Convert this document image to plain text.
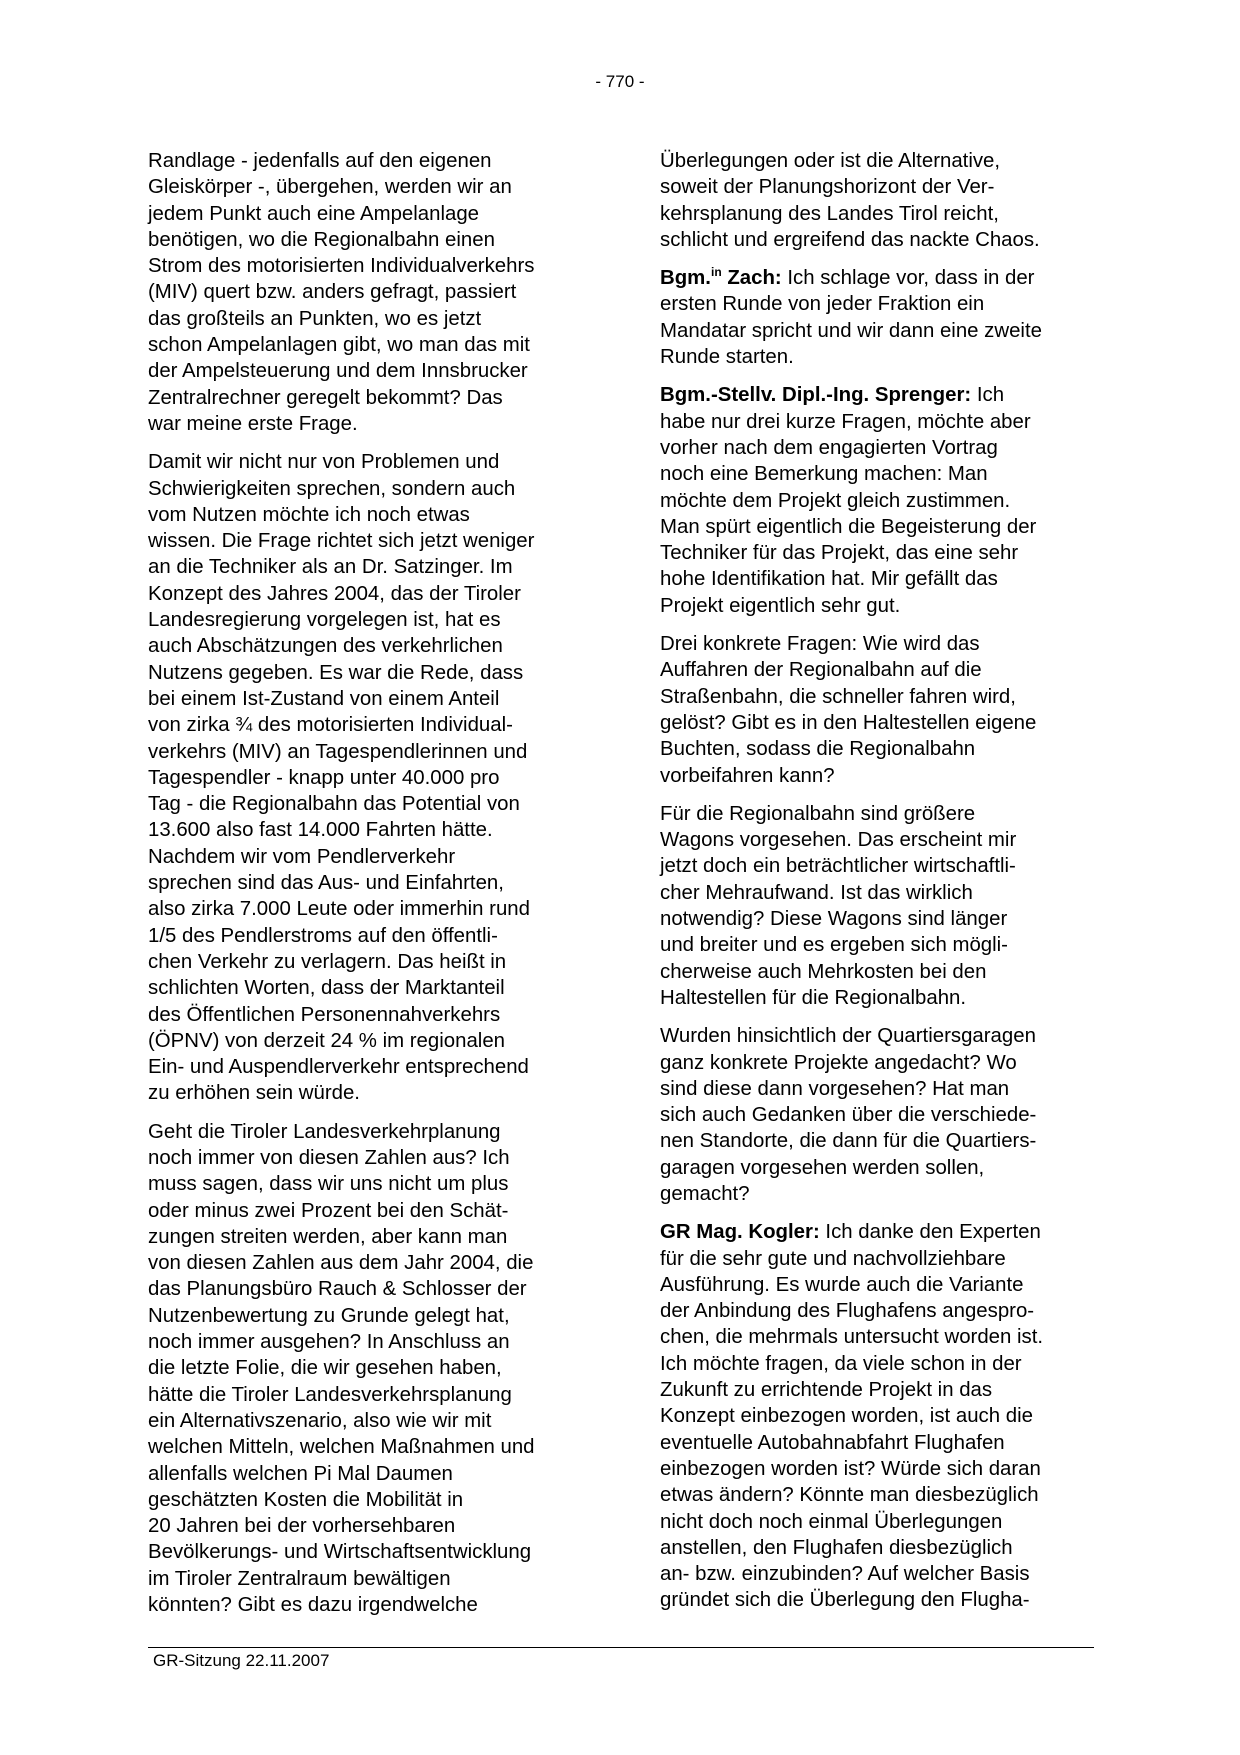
- 770 -

Randlage - jedenfalls auf den eigenen
Gleiskörper -, übergehen, werden wir an
jedem Punkt auch eine Ampelanlage
benötigen, wo die Regionalbahn einen
Strom des motorisierten Individualverkehrs
(MIV) quert bzw. anders gefragt, passiert
das großteils an Punkten, wo es jetzt
schon Ampelanlagen gibt, wo man das mit
der Ampelsteuerung und dem Innsbrucker
Zentralrechner geregelt bekommt? Das
war meine erste Frage.

Damit wir nicht nur von Problemen und
Schwierigkeiten sprechen, sondern auch
vom Nutzen möchte ich noch etwas
wissen. Die Frage richtet sich jetzt weniger
an die Techniker als an Dr. Satzinger. Im
Konzept des Jahres 2004, das der Tiroler
Landesregierung vorgelegen ist, hat es
auch Abschätzungen des verkehrlichen
Nutzens gegeben. Es war die Rede, dass
bei einem Ist-Zustand von einem Anteil
von zirka ¾ des motorisierten Individual-
verkehrs (MIV) an Tagespendlerinnen und
Tagespendler - knapp unter 40.000 pro
Tag - die Regionalbahn das Potential von
13.600 also fast 14.000 Fahrten hätte.
Nachdem wir vom Pendlerverkehr
sprechen sind das Aus- und Einfahrten,
also zirka 7.000 Leute oder immerhin rund
1/5 des Pendlerstroms auf den öffentli-
chen Verkehr zu verlagern. Das heißt in
schlichten Worten, dass der Marktanteil
des Öffentlichen Personennahverkehrs
(ÖPNV) von derzeit 24 % im regionalen
Ein- und Auspendlerverkehr entsprechend
zu erhöhen sein würde.

Geht die Tiroler Landesverkehrplanung
noch immer von diesen Zahlen aus? Ich
muss sagen, dass wir uns nicht um plus
oder minus zwei Prozent bei den Schät-
zungen streiten werden, aber kann man
von diesen Zahlen aus dem Jahr 2004, die
das Planungsbüro Rauch & Schlosser der
Nutzenbewertung zu Grunde gelegt hat,
noch immer ausgehen? In Anschluss an
die letzte Folie, die wir gesehen haben,
hätte die Tiroler Landesverkehrsplanung
ein Alternativszenario, also wie wir mit
welchen Mitteln, welchen Maßnahmen und
allenfalls welchen Pi Mal Daumen
geschätzten Kosten die Mobilität in
20 Jahren bei der vorhersehbaren
Bevölkerungs- und Wirtschaftsentwicklung
im Tiroler Zentralraum bewältigen
könnten? Gibt es dazu irgendwelche

Überlegungen oder ist die Alternative,
soweit der Planungshorizont der Ver-
kehrsplanung des Landes Tirol reicht,
schlicht und ergreifend das nackte Chaos.

Bgm.$^{in}$ Zach: Ich schlage vor, dass in der
ersten Runde von jeder Fraktion ein
Mandatar spricht und wir dann eine zweite
Runde starten.

Bgm.-Stellv. Dipl.-Ing. Sprenger: Ich
habe nur drei kurze Fragen, möchte aber
vorher nach dem engagierten Vortrag
noch eine Bemerkung machen: Man
möchte dem Projekt gleich zustimmen.
Man spürt eigentlich die Begeisterung der
Techniker für das Projekt, das eine sehr
hohe Identifikation hat. Mir gefällt das
Projekt eigentlich sehr gut.

Drei konkrete Fragen: Wie wird das
Auffahren der Regionalbahn auf die
Straßenbahn, die schneller fahren wird,
gelöst? Gibt es in den Haltestellen eigene
Buchten, sodass die Regionalbahn
vorbeifahren kann?

Für die Regionalbahn sind größere
Wagons vorgesehen. Das erscheint mir
jetzt doch ein beträchtlicher wirtschaftli-
cher Mehraufwand. Ist das wirklich
notwendig? Diese Wagons sind länger
und breiter und es ergeben sich mögli-
cherweise auch Mehrkosten bei den
Haltestellen für die Regionalbahn.

Wurden hinsichtlich der Quartiersgaragen
ganz konkrete Projekte angedacht? Wo
sind diese dann vorgesehen? Hat man
sich auch Gedanken über die verschiede-
nen Standorte, die dann für die Quartiers-
garagen vorgesehen werden sollen,
gemacht?

GR Mag. Kogler: Ich danke den Experten
für die sehr gute und nachvollziehbare
Ausführung. Es wurde auch die Variante
der Anbindung des Flughafens angespro-
chen, die mehrmals untersucht worden ist.
Ich möchte fragen, da viele schon in der
Zukunft zu errichtende Projekt in das
Konzept einbezogen worden, ist auch die
eventuelle Autobahnabfahrt Flughafen
einbezogen worden ist? Würde sich daran
etwas ändern? Könnte man diesbezüglich
nicht doch noch einmal Überlegungen
anstellen, den Flughafen diesbezüglich
an- bzw. einzubinden? Auf welcher Basis
gründet sich die Überlegung den Flugha-

GR-Sitzung 22.11.2007
